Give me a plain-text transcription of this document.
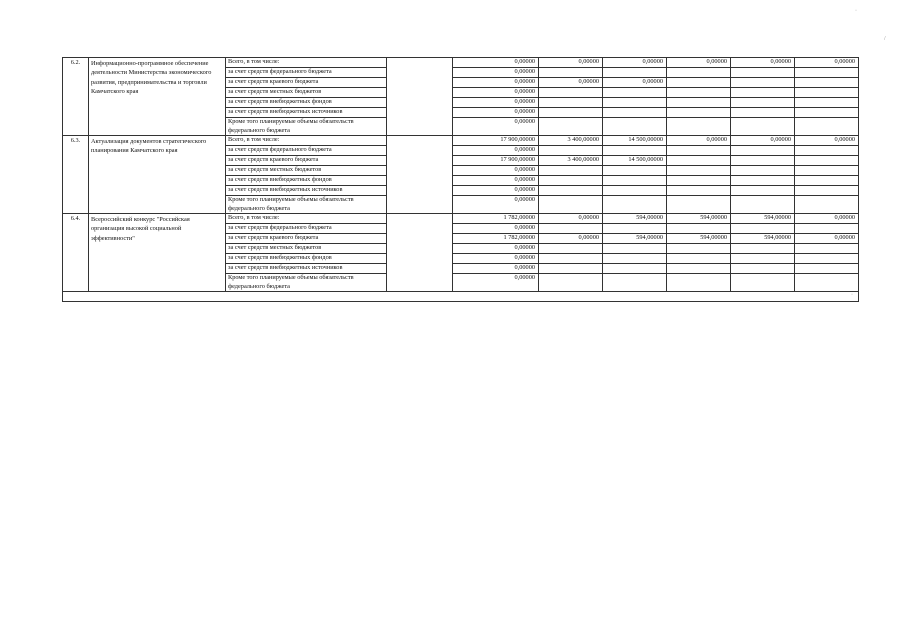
·
/
·
6.2.	Информационно-программное обеспечение деятельности Министерства экономического развития, предпринимательства и торговли Камчатского края	Всего, в том числе:		0,00000	0,00000	0,00000	0,00000	0,00000	0,00000
		за счет средств федерального бюджета		0,00000					
		за счет средств краевого бюджета		0,00000	0,00000	0,00000			
		за счет средств местных бюджетов		0,00000					
		за счет средств внебюджетных фондов		0,00000					
		за счет средств внебюджетных источников		0,00000					
		Кроме того планируемые объемы обязательств федерального бюджета		0,00000					
6.3.	Актуализация документов стратегического планирования Камчатского края	Всего, в том числе:		17 900,00000	3 400,00000	14 500,00000	0,00000	0,00000	0,00000
		за счет средств федерального бюджета		0,00000					
		за счет средств краевого бюджета		17 900,00000	3 400,00000	14 500,00000			
		за счет средств местных бюджетов		0,00000					
		за счет средств внебюджетных фондов		0,00000					
		за счет средств внебюджетных источников		0,00000					
		Кроме того планируемые объемы обязательств федерального бюджета		0,00000					
6.4.	Всероссийский конкурс "Российская организация высокой социальной эффективности"	Всего, в том числе:		1 782,00000	0,00000	594,00000	594,00000	594,00000	0,00000
		за счет средств федерального бюджета		0,00000					
		за счет средств краевого бюджета		1 782,00000	0,00000	594,00000	594,00000	594,00000	0,00000
		за счет средств местных бюджетов		0,00000					
		за счет средств внебюджетных фондов		0,00000					
		за счет средств внебюджетных источников		0,00000					
		Кроме того планируемые объемы обязательств федерального бюджета		0,00000					
